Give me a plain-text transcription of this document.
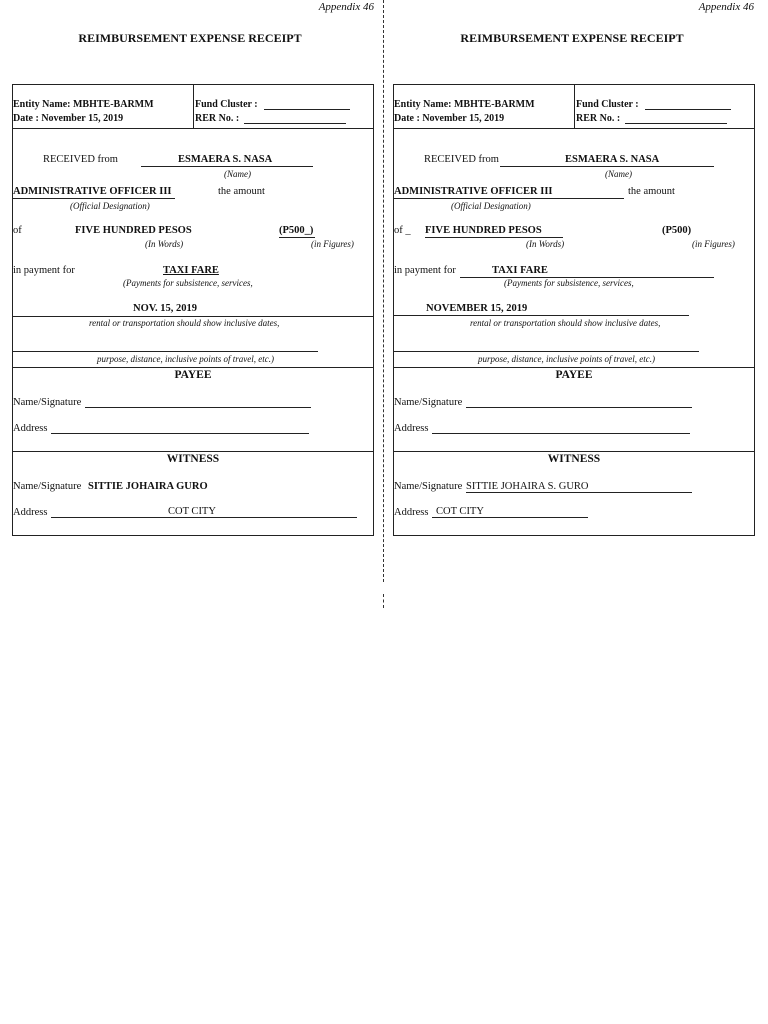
Appendix 46
REIMBURSEMENT EXPENSE RECEIPT
Entity Name: MBHTE-BARMM
Date : November 15, 2019
Fund Cluster :
RER No. :
RECEIVED from	ESMAERA S. NASA
(Name)
ADMINISTRATIVE OFFICER III	the amount
(Official Designation)
of	FIVE HUNDRED PESOS	(P500_)
(In Words)	(in Figures)
in payment for	TAXI FARE
(Payments for subsistence, services,
NOV. 15, 2019
rental or transportation should show inclusive dates,
purpose, distance, inclusive points of travel, etc.)
PAYEE
Name/Signature
Address
WITNESS
Name/Signature SITTIE JOHAIRA GURO
Address	COT CITY
Appendix 46
REIMBURSEMENT EXPENSE RECEIPT
Entity Name: MBHTE-BARMM
Date : November 15, 2019
Fund Cluster :
RER No. :
RECEIVED from	ESMAERA S. NASA
(Name)
ADMINISTRATIVE OFFICER III	the amount
(Official Designation)
of _ FIVE HUNDRED PESOS	(P500)
(In Words)	(in Figures)
in payment for	TAXI FARE
(Payments for subsistence, services,
NOVEMBER 15, 2019
rental or transportation should show inclusive dates,
purpose, distance, inclusive points of travel, etc.)
PAYEE
Name/Signature
Address
WITNESS
Name/Signature SITTIE JOHAIRA S. GURO
Address COT CITY
